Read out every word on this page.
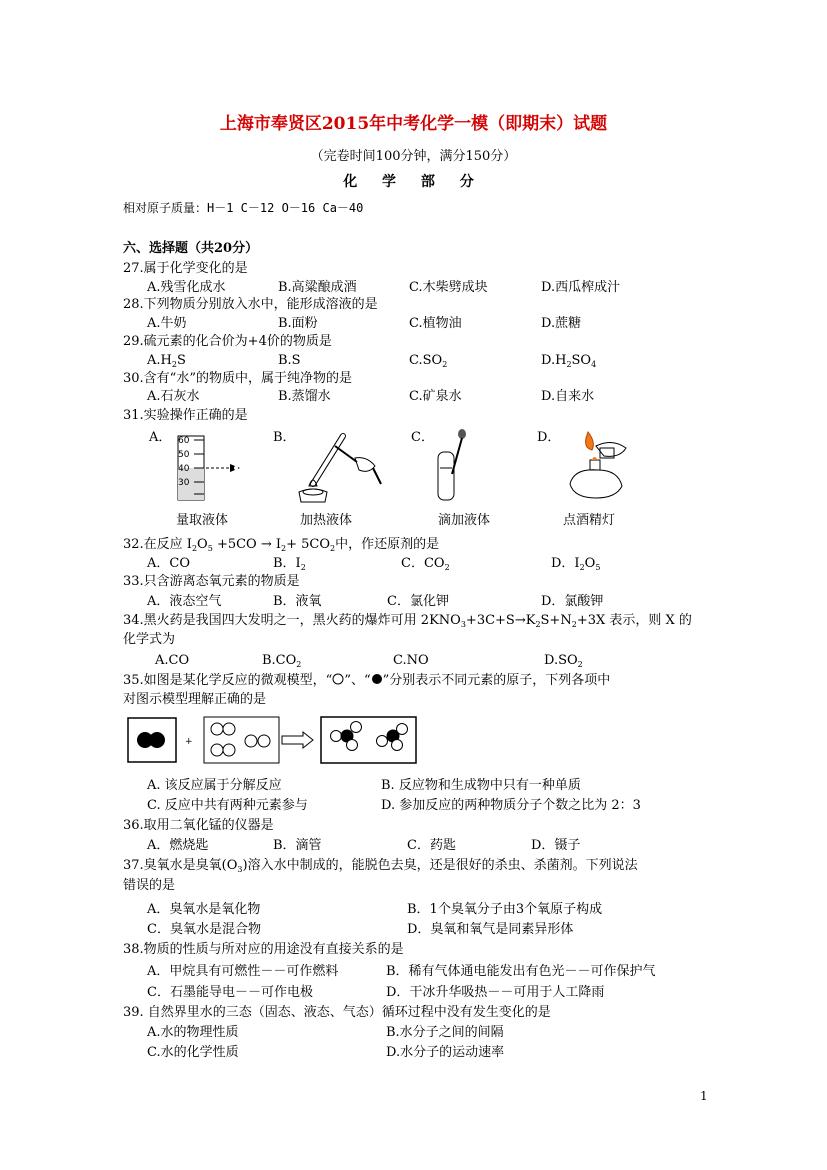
上海市奉贤区2015年中考化学一模（即期末）试题
（完卷时间100分钟，满分150分）
化 学 部 分
相对原子质量：H－1 C－12 O－16 Ca－40
六、选择题（共20分）
27.属于化学变化的是
A.残雪化成水	B.高粱酿成酒	C.木柴劈成块	D.西瓜榨成汁
28.下列物质分别放入水中，能形成溶液的是
A.牛奶	B.面粉	C.植物油	D.蔗糖
29.硫元素的化合价为+4价的物质是
$A.H_2S$	B.S	$C.SO_2$	$D.H_2SO_4$
30.含有“水”的物质中，属于纯净物的是
A.石灰水	B.蒸馏水	C.矿泉水	D.自来水
31.实验操作正确的是
A．	B．	C．	D．
60
50
40
30
量取液体	加热液体	滴加液体	点酒精灯
32.在反应 $I_2O_5 +5CO \to I_2+ 5CO_2$中，作还原剂的是
A．CO	B．$I_2$	C．$CO_2$	D．$I_2O_5$
33.只含游离态氧元素的物质是
A．液态空气	B．液氧	C．氯化钾	D．氯酸钾
34.黑火药是我国四大发明之一，黑火药的爆炸可用 $2KNO_3+3C+S\to K_2S+N_2+3X$ 表示，则 X 的
化学式为
A.CO	$B.CO_2$	C.NO	$D.SO_2$
35.如图是某化学反应的微观模型，“ ”、“ ”分别表示不同元素的原子，下列各项中
对图示模型理解正确的是
+
A. 该反应属于分解反应	B. 反应物和生成物中只有一种单质
C. 反应中共有两种元素参与	D. 参加反应的两种物质分子个数之比为 2：3
36.取用二氧化锰的仪器是
A．燃烧匙	B．滴管	C．药匙	D．镊子
37.臭氧水是臭氧$(O_3)$溶入水中制成的，能脱色去臭，还是很好的杀虫、杀菌剂。下列说法
错误的是
A．臭氧水是氧化物	B．1个臭氧分子由3个氧原子构成
C．臭氧水是混合物	D．臭氧和氧气是同素异形体
38.物质的性质与所对应的用途没有直接关系的是
A．甲烷具有可燃性－－可作燃料	B．稀有气体通电能发出有色光－－可作保护气
C．石墨能导电－－可作电极	D．干冰升华吸热－－可用于人工降雨
39. 自然界里水的三态（固态、液态、气态）循环过程中没有发生变化的是
A.水的物理性质	B.水分子之间的间隔
C.水的化学性质	D.水分子的运动速率
1
